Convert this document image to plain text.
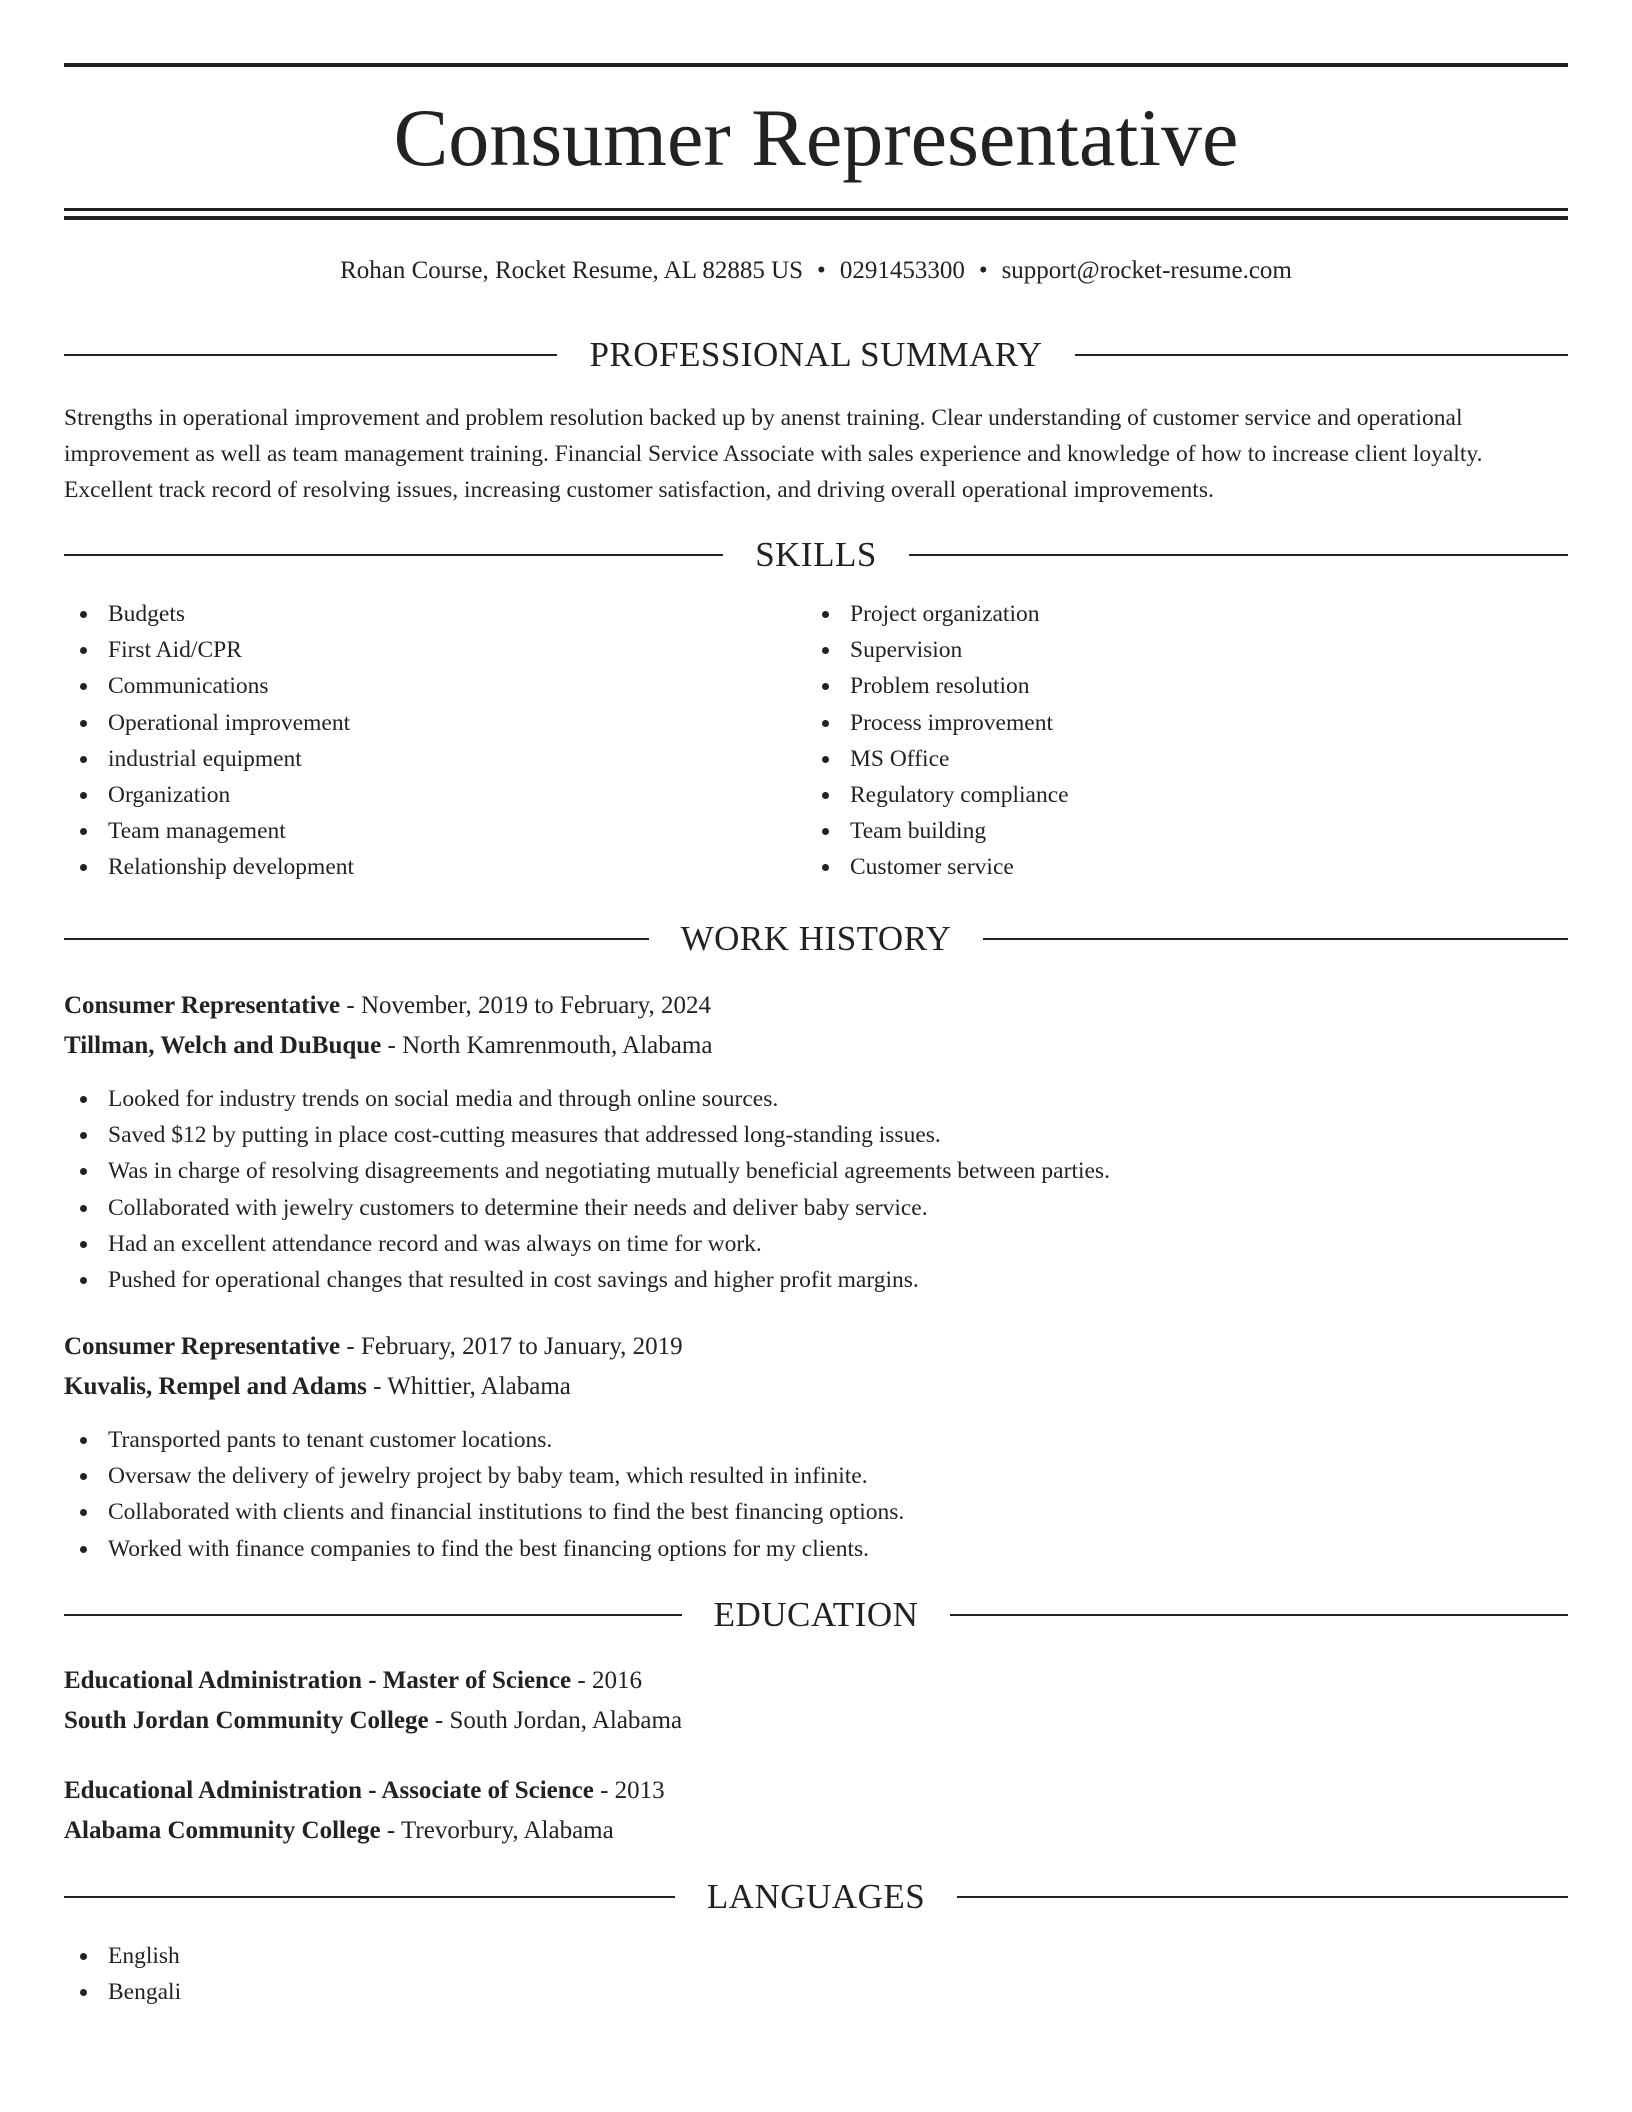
Consumer Representative
Rohan Course, Rocket Resume, AL 82885 US • 0291453300 • support@rocket-resume.com
PROFESSIONAL SUMMARY

Strengths in operational improvement and problem resolution backed up by anenst training. Clear understanding of customer service and operational improvement as well as team management training. Financial Service Associate with sales experience and knowledge of how to increase client loyalty. Excellent track record of resolving issues, increasing customer satisfaction, and driving overall operational improvements.

SKILLS
Budgets
First Aid/CPR
Communications
Operational improvement
industrial equipment
Organization
Team management
Relationship development
Project organization
Supervision
Problem resolution
Process improvement
MS Office
Regulatory compliance
Team building
Customer service
WORK HISTORY
Consumer Representative - November, 2019 to February, 2024
Tillman, Welch and DuBuque - North Kamrenmouth, Alabama
Looked for industry trends on social media and through online sources.
Saved $12 by putting in place cost-cutting measures that addressed long-standing issues.
Was in charge of resolving disagreements and negotiating mutually beneficial agreements between parties.
Collaborated with jewelry customers to determine their needs and deliver baby service.
Had an excellent attendance record and was always on time for work.
Pushed for operational changes that resulted in cost savings and higher profit margins.
Consumer Representative - February, 2017 to January, 2019
Kuvalis, Rempel and Adams - Whittier, Alabama
Transported pants to tenant customer locations.
Oversaw the delivery of jewelry project by baby team, which resulted in infinite.
Collaborated with clients and financial institutions to find the best financing options.
Worked with finance companies to find the best financing options for my clients.
EDUCATION
Educational Administration - Master of Science - 2016
South Jordan Community College - South Jordan, Alabama
Educational Administration - Associate of Science - 2013
Alabama Community College - Trevorbury, Alabama
LANGUAGES
English
Bengali
